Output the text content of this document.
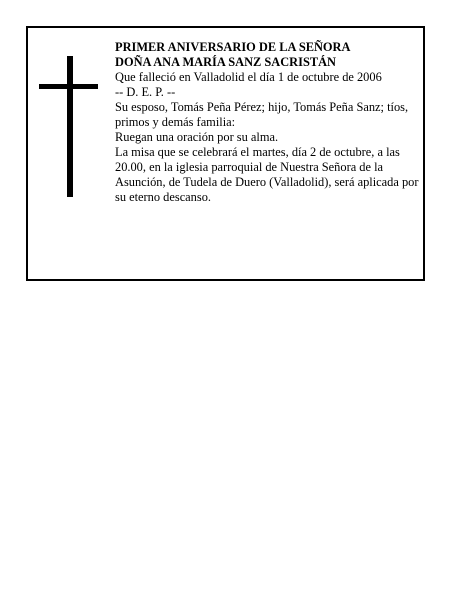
PRIMER ANIVERSARIO DE LA SEÑORA

DOÑA ANA MARÍA SANZ SACRISTÁN

Que falleció en Valladolid el día 1 de octubre de 2006

-- D. E. P. --

Su esposo, Tomás Peña Pérez; hijo, Tomás Peña Sanz; tíos, primos y demás familia:

Ruegan una oración por su alma.

La misa que se celebrará el martes, día 2 de octubre, a las 20.00, en la iglesia parroquial de Nuestra Señora de la Asunción, de Tudela de Duero (Valladolid), será aplicada por su eterno descanso.
